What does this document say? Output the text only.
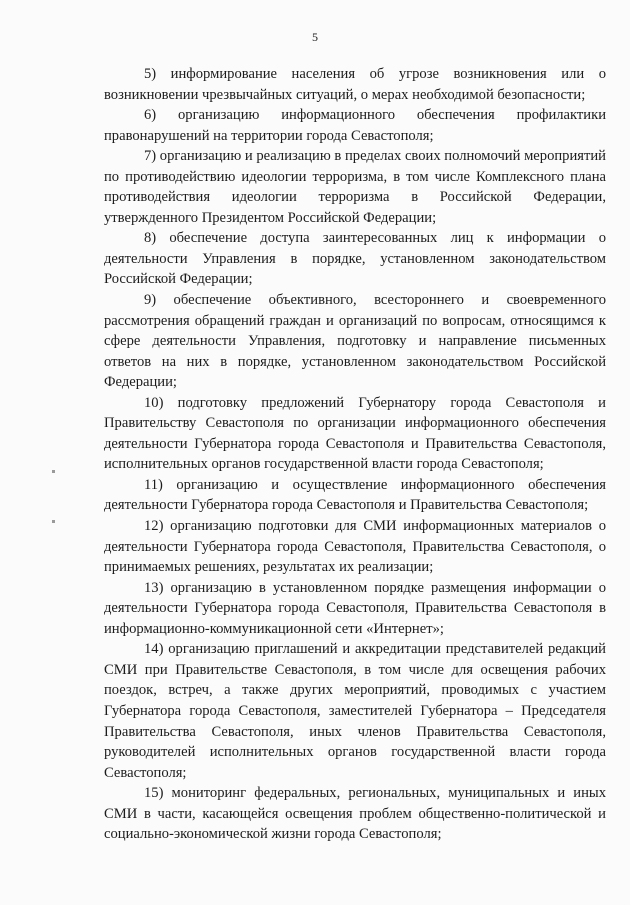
5

5) информирование населения об угрозе возникновения или о возникновении чрезвычайных ситуаций, о мерах необходимой безопасности;

6) организацию информационного обеспечения профилактики правонарушений на территории города Севастополя;

7) организацию и реализацию в пределах своих полномочий мероприятий по противодействию идеологии терроризма, в том числе Комплексного плана противодействия идеологии терроризма в Российской Федерации, утвержденного Президентом Российской Федерации;

8) обеспечение доступа заинтересованных лиц к информации о деятельности Управления в порядке, установленном законодательством Российской Федерации;

9) обеспечение объективного, всестороннего и своевременного рассмотрения обращений граждан и организаций по вопросам, относящимся к сфере деятельности Управления, подготовку и направление письменных ответов на них в порядке, установленном законодательством Российской Федерации;

10) подготовку предложений Губернатору города Севастополя и Правительству Севастополя по организации информационного обеспечения деятельности Губернатора города Севастополя и Правительства Севастополя, исполнительных органов государственной власти города Севастополя;

11) организацию и осуществление информационного обеспечения деятельности Губернатора города Севастополя и Правительства Севастополя;

12) организацию подготовки для СМИ информационных материалов о деятельности Губернатора города Севастополя, Правительства Севастополя, о принимаемых решениях, результатах их реализации;

13) организацию в установленном порядке размещения информации о деятельности Губернатора города Севастополя, Правительства Севастополя в информационно-коммуникационной сети «Интернет»;

14) организацию приглашений и аккредитации представителей редакций СМИ при Правительстве Севастополя, в том числе для освещения рабочих поездок, встреч, а также других мероприятий, проводимых с участием Губернатора города Севастополя, заместителей Губернатора – Председателя Правительства Севастополя, иных членов Правительства Севастополя, руководителей исполнительных органов государственной власти города Севастополя;

15) мониторинг федеральных, региональных, муниципальных и иных СМИ в части, касающейся освещения проблем общественно-политической и социально-экономической жизни города Севастополя;
